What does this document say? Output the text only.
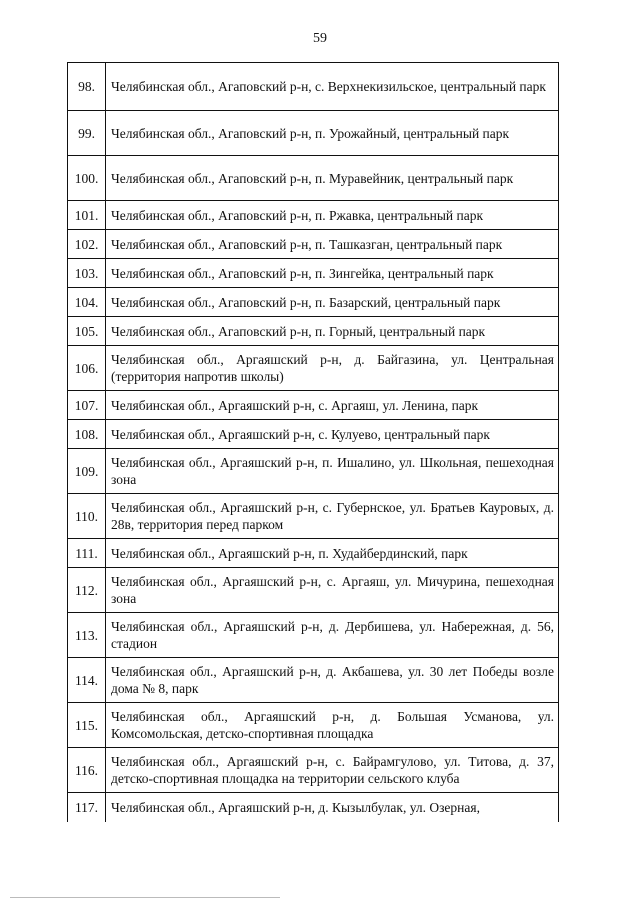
59
98.	Челябинская обл., Агаповский р-н, с. Верхнекизильское, центральный парк
99.	Челябинская обл., Агаповский р-н, п. Урожайный, центральный парк
100.	Челябинская обл., Агаповский р-н, п. Муравейник, центральный парк
101.	Челябинская обл., Агаповский р-н, п. Ржавка, центральный парк
102.	Челябинская обл., Агаповский р-н, п. Ташказган, центральный парк
103.	Челябинская обл., Агаповский р-н, п. Зингейка, центральный парк
104.	Челябинская обл., Агаповский р-н, п. Базарский, центральный парк
105.	Челябинская обл., Агаповский р-н, п. Горный, центральный парк
106.	Челябинская обл., Аргаяшский р-н, д. Байгазина, ул. Центральная (территория напротив школы)
107.	Челябинская обл., Аргаяшский р-н, с. Аргаяш, ул. Ленина, парк
108.	Челябинская обл., Аргаяшский р-н, с. Кулуево, центральный парк
109.	Челябинская обл., Аргаяшский р-н, п. Ишалино, ул. Школьная, пешеходная зона
110.	Челябинская обл., Аргаяшский р-н, с. Губернское, ул. Братьев Кауровых, д. 28в, территория перед парком
111.	Челябинская обл., Аргаяшский р-н, п. Худайбердинский, парк
112.	Челябинская обл., Аргаяшский р-н, с. Аргаяш, ул. Мичурина, пешеходная зона
113.	Челябинская обл., Аргаяшский р-н, д. Дербишева, ул. Набережная, д. 56, стадион
114.	Челябинская обл., Аргаяшский р-н, д. Акбашева, ул. 30 лет Победы возле дома № 8, парк
115.	Челябинская обл., Аргаяшский р-н, д. Большая Усманова, ул. Комсомольская, детско-спортивная площадка
116.	Челябинская обл., Аргаяшский р-н, с. Байрамгулово, ул. Титова, д. 37, детско-спортивная площадка на территории сельского клуба
117.	Челябинская обл., Аргаяшский р-н, д. Кызылбулак, ул. Озерная,
